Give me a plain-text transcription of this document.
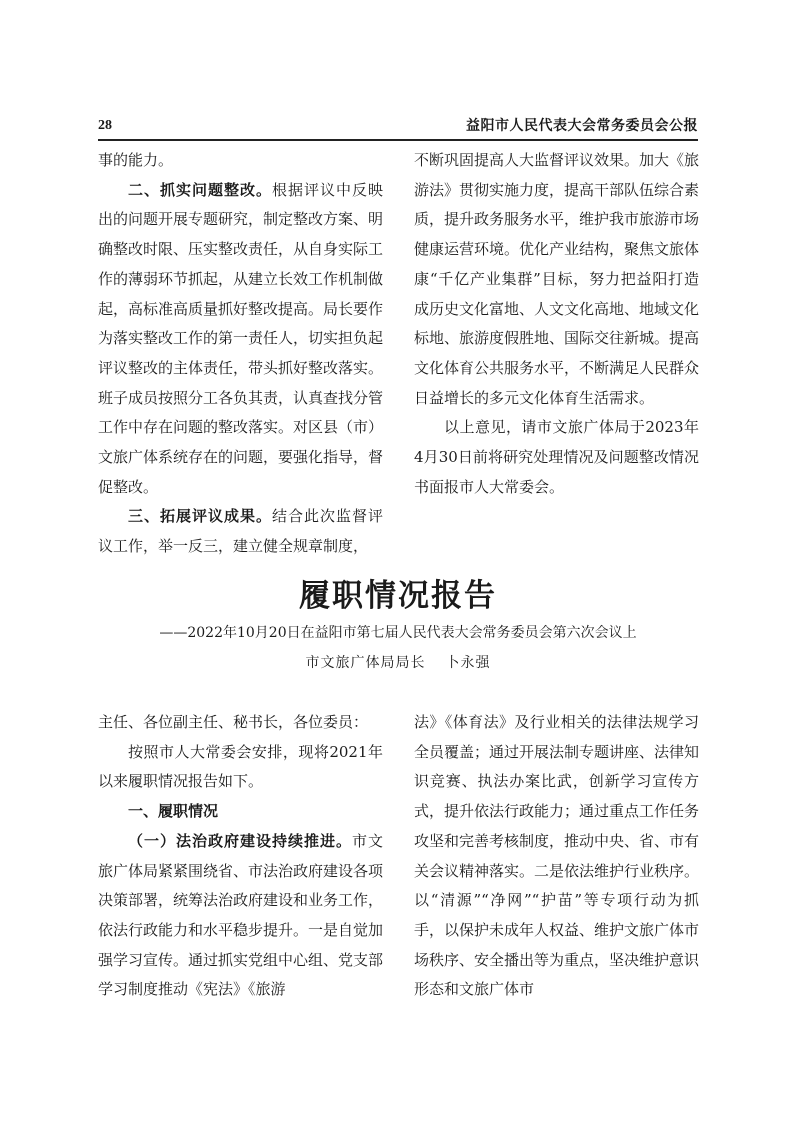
28	益阳市人民代表大会常务委员会公报

事的能力。

二、抓实问题整改。根据评议中反映出的问题开展专题研究，制定整改方案、明确整改时限、压实整改责任，从自身实际工作的薄弱环节抓起，从建立长效工作机制做起，高标准高质量抓好整改提高。局长要作为落实整改工作的第一责任人，切实担负起评议整改的主体责任，带头抓好整改落实。班子成员按照分工各负其责，认真查找分管工作中存在问题的整改落实。对区县（市）文旅广体系统存在的问题，要强化指导，督促整改。

三、拓展评议成果。结合此次监督评议工作，举一反三，建立健全规章制度，

不断巩固提高人大监督评议效果。加大《旅游法》贯彻实施力度，提高干部队伍综合素质，提升政务服务水平，维护我市旅游市场健康运营环境。优化产业结构，聚焦文旅体康“千亿产业集群”目标，努力把益阳打造成历史文化富地、人文文化高地、地域文化标地、旅游度假胜地、国际交往新城。提高文化体育公共服务水平，不断满足人民群众日益增长的多元文化体育生活需求。

以上意见，请市文旅广体局于2023年4月30日前将研究处理情况及问题整改情况书面报市人大常委会。

履职情况报告
——2022年10月20日在益阳市第七届人民代表大会常务委员会第六次会议上
市文旅广体局局长 卜永强

主任、各位副主任、秘书长，各位委员：

按照市人大常委会安排，现将2021年以来履职情况报告如下。

一、履职情况

（一）法治政府建设持续推进。市文旅广体局紧紧围绕省、市法治政府建设各项决策部署，统筹法治政府建设和业务工作，依法行政能力和水平稳步提升。一是自觉加强学习宣传。通过抓实党组中心组、党支部学习制度推动《宪法》《旅游

法》《体育法》及行业相关的法律法规学习全员覆盖；通过开展法制专题讲座、法律知识竞赛、执法办案比武，创新学习宣传方式，提升依法行政能力；通过重点工作任务攻坚和完善考核制度，推动中央、省、市有关会议精神落实。二是依法维护行业秩序。以“清源”“净网”“护苗”等专项行动为抓手，以保护未成年人权益、维护文旅广体市场秩序、安全播出等为重点，坚决维护意识形态和文旅广体市
